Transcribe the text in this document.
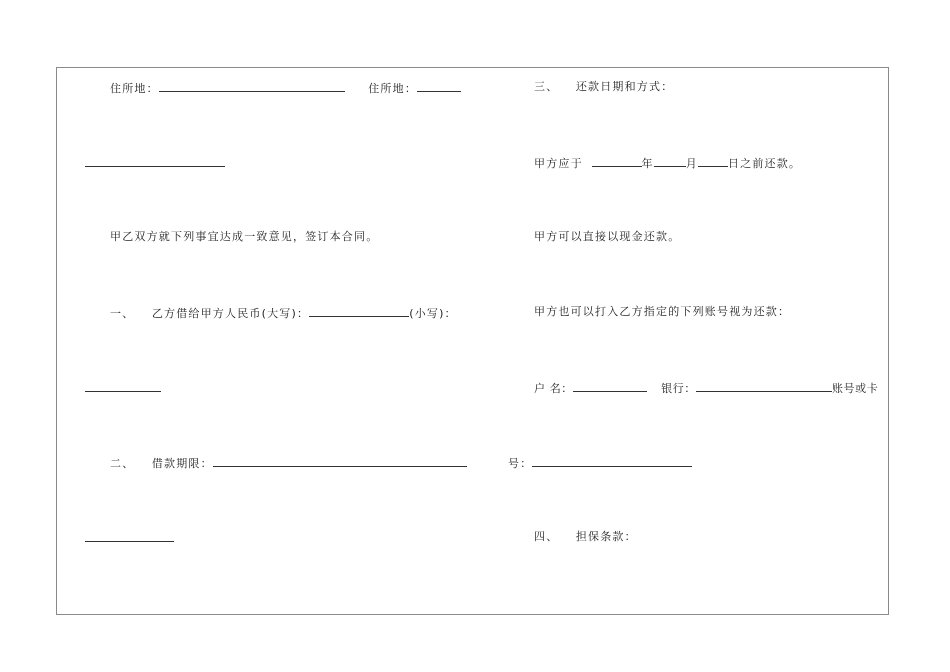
住所地：	住所地：
甲乙双方就下列事宜达成一致意见，签订本合同。
一、 乙方借给甲方人民币(大写)：	(小写)：
二、 借款期限：
三、 还款日期和方式：
甲方应于	年	月	日之前还款。
甲方可以直接以现金还款。
甲方也可以打入乙方指定的下列账号视为还款：
户 名：	银行：	账号或卡
号：
四、 担保条款：
